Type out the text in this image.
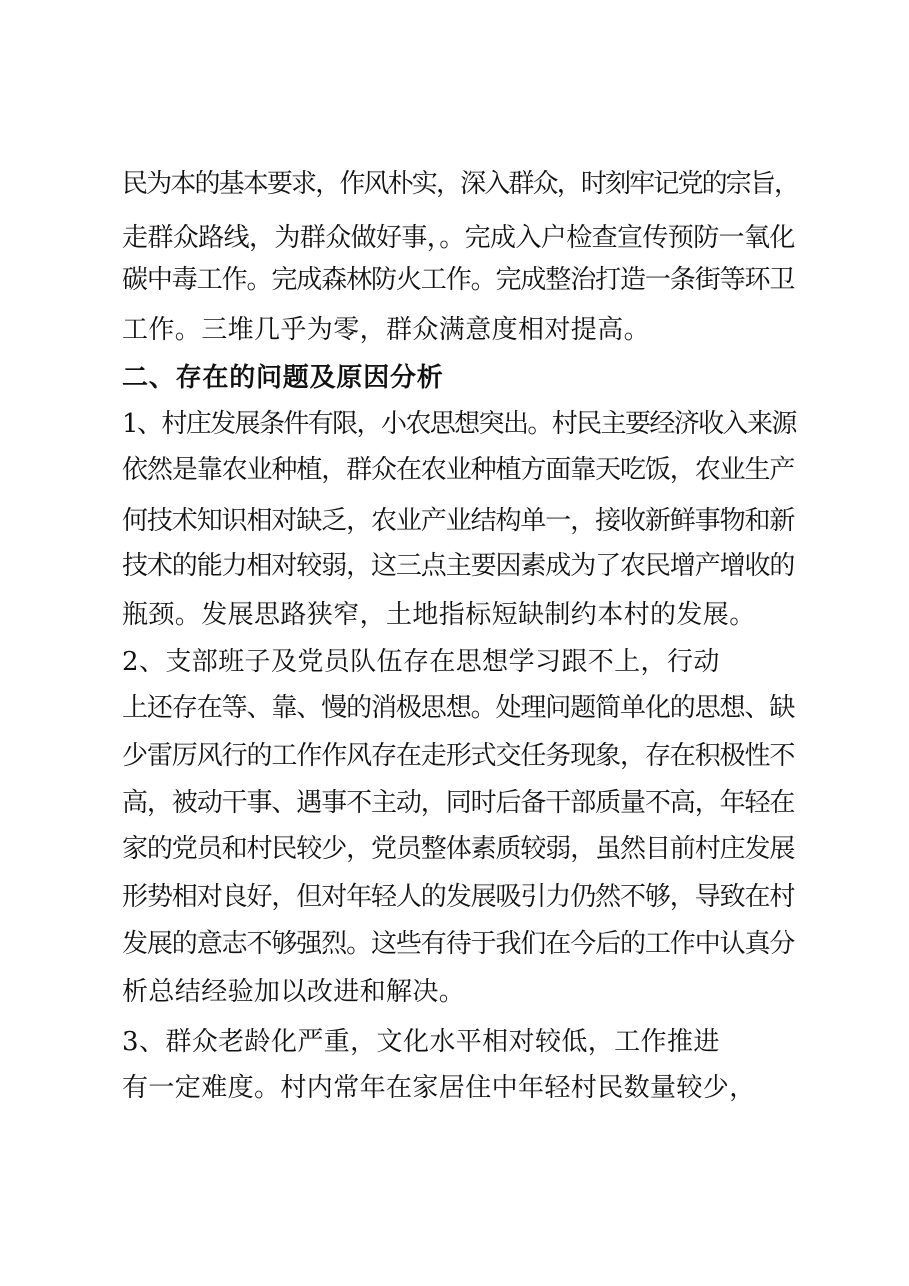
民为本的基本要求，作风朴实，深入群众，时刻牢记党的宗旨，
走群众路线，为群众做好事，。完成入户检查宣传预防一氧化
碳中毒工作。完成森林防火工作。完成整治打造一条街等环卫
工作。三堆几乎为零，群众满意度相对提高。
二、存在的问题及原因分析
1、村庄发展条件有限，小农思想突出。村民主要经济收入来源
依然是靠农业种植，群众在农业种植方面靠天吃饭，农业生产
何技术知识相对缺乏，农业产业结构单一，接收新鲜事物和新
技术的能力相对较弱，这三点主要因素成为了农民增产增收的
瓶颈。发展思路狭窄，土地指标短缺制约本村的发展。
2、支部班子及党员队伍存在思想学习跟不上，行动
上还存在等、靠、慢的消极思想。处理问题简单化的思想、缺
少雷厉风行的工作作风存在走形式交任务现象，存在积极性不
高，被动干事、遇事不主动，同时后备干部质量不高，年轻在
家的党员和村民较少，党员整体素质较弱，虽然目前村庄发展
形势相对良好，但对年轻人的发展吸引力仍然不够，导致在村
发展的意志不够强烈。这些有待于我们在今后的工作中认真分
析总结经验加以改进和解决。
3、群众老龄化严重，文化水平相对较低，工作推进
有一定难度。村内常年在家居住中年轻村民数量较少，
